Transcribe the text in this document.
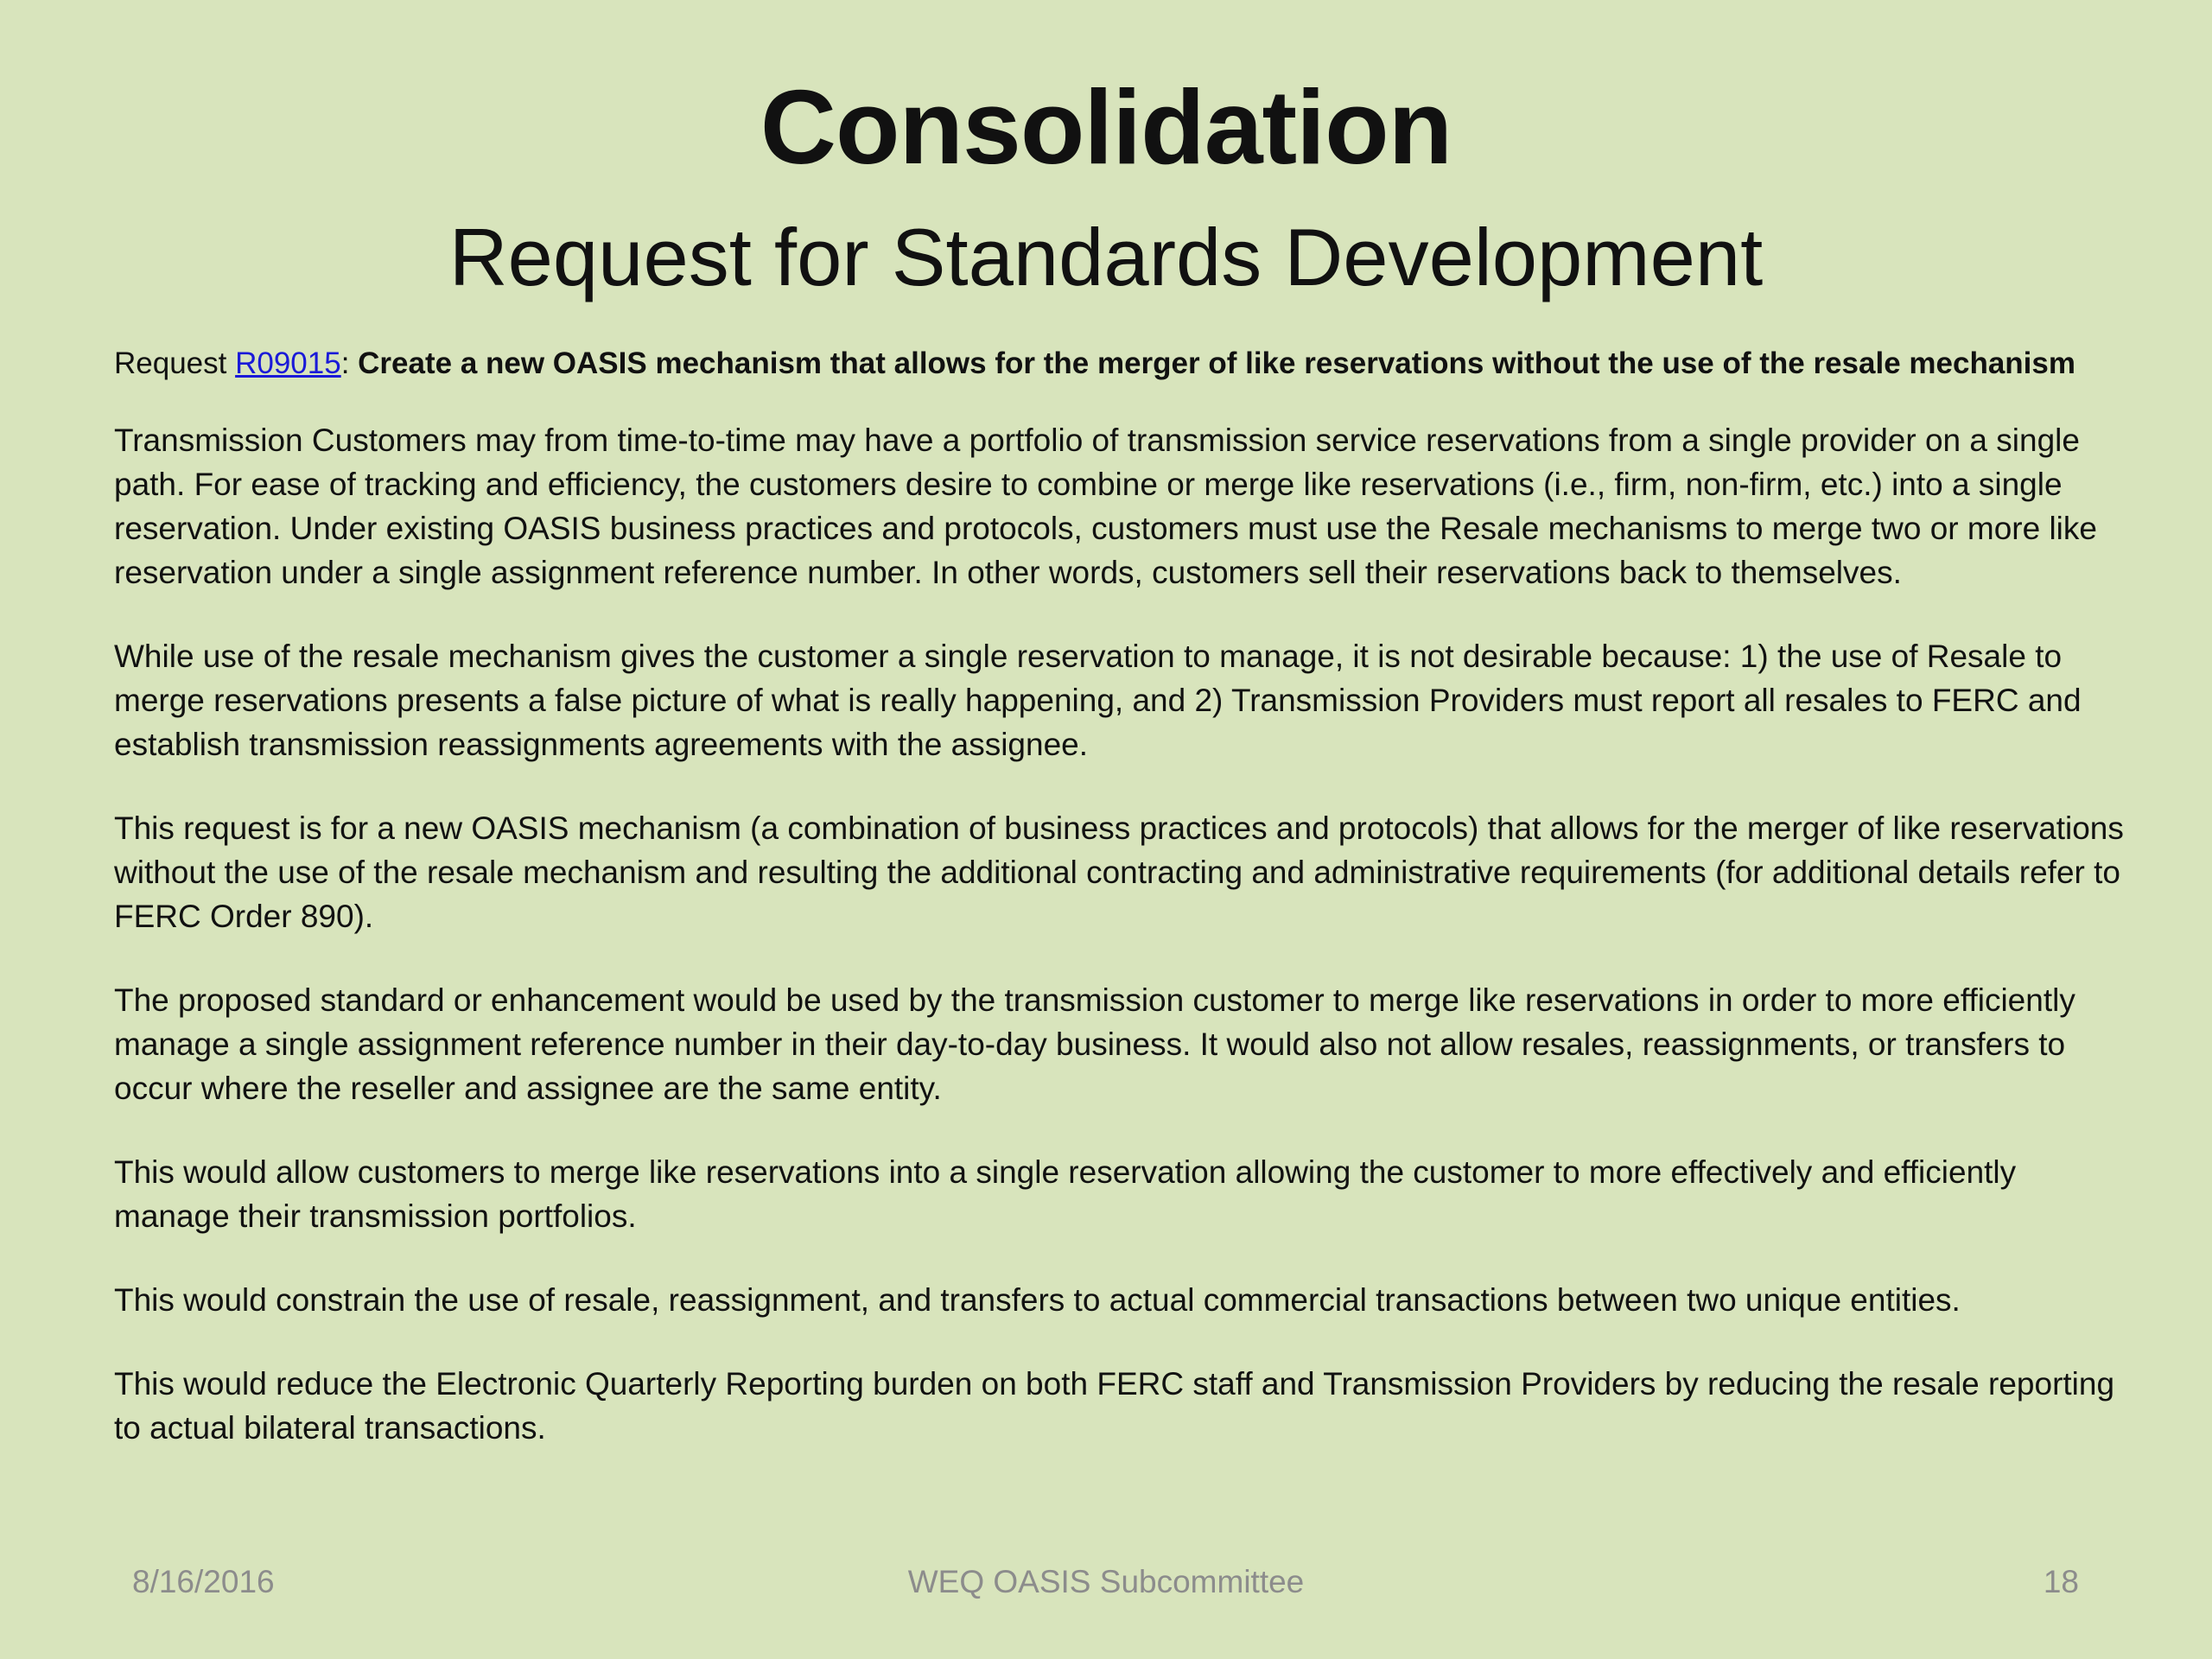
Consolidation
Request for Standards Development
Request R09015: Create a new OASIS mechanism that allows for the merger of like reservations without the use of the resale mechanism

Transmission Customers may from time-to-time may have a portfolio of transmission service reservations from a single provider on a single path. For ease of tracking and efficiency, the customers desire to combine or merge like reservations (i.e., firm, non-firm, etc.) into a single reservation. Under existing OASIS business practices and protocols, customers must use the Resale mechanisms to merge two or more like reservation under a single assignment reference number. In other words, customers sell their reservations back to themselves.

While use of the resale mechanism gives the customer a single reservation to manage, it is not desirable because: 1) the use of Resale to merge reservations presents a false picture of what is really happening, and 2) Transmission Providers must report all resales to FERC and establish transmission reassignments agreements with the assignee.

This request is for a new OASIS mechanism (a combination of business practices and protocols) that allows for the merger of like reservations without the use of the resale mechanism and resulting the additional contracting and administrative requirements (for additional details refer to FERC Order 890).

The proposed standard or enhancement would be used by the transmission customer to merge like reservations in order to more efficiently manage a single assignment reference number in their day-to-day business. It would also not allow resales, reassignments, or transfers to occur where the reseller and assignee are the same entity.

This would allow customers to merge like reservations into a single reservation allowing the customer to more effectively and efficiently manage their transmission portfolios.

This would constrain the use of resale, reassignment, and transfers to actual commercial transactions between two unique entities.

This would reduce the Electronic Quarterly Reporting burden on both FERC staff and Transmission Providers by reducing the resale reporting to actual bilateral transactions.

8/16/2016	WEQ OASIS Subcommittee	18
